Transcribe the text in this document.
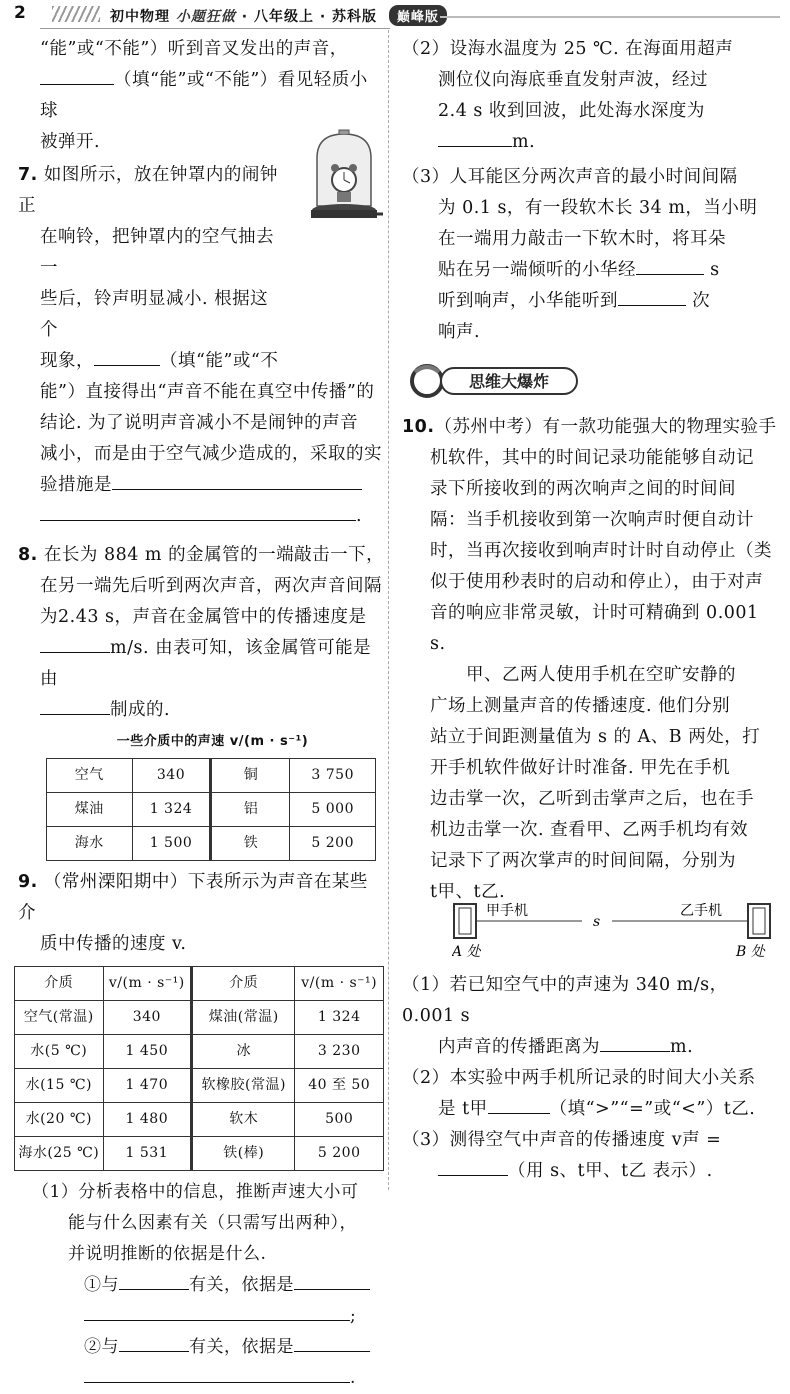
2	初中物理 小题狂做 · 八年级上 · 苏科版 巅峰版
“能”或“不能”）听到音叉发出的声音，
（填“能”或“不能”）看见轻质小球
被弹开.
7. 如图所示，放在钟罩内的闹钟正
在响铃，把钟罩内的空气抽去一
些后，铃声明显减小. 根据这个
现象，	（填“能”或“不
能”）直接得出“声音不能在真空中传播”的
结论. 为了说明声音减小不是闹钟的声音
减小，而是由于空气减少造成的，采取的实
验措施是
.
8. 在长为 884 m 的金属管的一端敲击一下，
在另一端先后听到两次声音，两次声音间隔
为2.43 s，声音在金属管中的传播速度是
m/s. 由表可知，该金属管可能是由
制成的.
一些介质中的声速 v/(m · s⁻¹)
空气	340	铜	3 750
煤油	1 324	铝	5 000
海水	1 500	铁	5 200
9. （常州溧阳期中）下表所示为声音在某些介
质中传播的速度 v.
介质	v/(m · s⁻¹)	介质	v/(m · s⁻¹)
空气(常温)	340	煤油(常温)	1 324
水(5 ℃)	1 450	冰	3 230
水(15 ℃)	1 470	软橡胶(常温)	40 至 50
水(20 ℃)	1 480	软木	500
海水(25 ℃)	1 531	铁(棒)	5 200
（1）分析表格中的信息，推断声速大小可
能与什么因素有关（只需写出两种），
并说明推断的依据是什么.
①与	有关，依据是
;
②与	有关，依据是
.
（2）设海水温度为 25 ℃. 在海面用超声
测位仪向海底垂直发射声波，经过
2.4 s 收到回波，此处海水深度为
m.
（3）人耳能区分两次声音的最小时间间隔
为 0.1 s，有一段软木长 34 m，当小明
在一端用力敲击一下软木时，将耳朵
贴在另一端倾听的小华经	s
听到响声，小华能听到	次
响声.
思维大爆炸
10.（苏州中考）有一款功能强大的物理实验手
机软件，其中的时间记录功能能够自动记
录下所接收到的两次响声之间的时间间
隔：当手机接收到第一次响声时便自动计
时，当再次接收到响声时计时自动停止（类
似于使用秒表时的启动和停止），由于对声
音的响应非常灵敏，计时可精确到 0.001 s.
甲、乙两人使用手机在空旷安静的
广场上测量声音的传播速度. 他们分别
站立于间距测量值为 s 的 A、B 两处，打
开手机软件做好计时准备. 甲先在手机
边击掌一次，乙听到击掌声之后，也在手
机边击掌一次. 查看甲、乙两手机均有效
记录下了两次掌声的时间间隔，分别为
t甲、t乙.
甲手机	乙手机
s
A 处	B 处
（1）若已知空气中的声速为 340 m/s，0.001 s
内声音的传播距离为	m.
（2）本实验中两手机所记录的时间大小关系
是 t甲	（填“>”“=”或“<”）t乙.
（3）测得空气中声音的传播速度 v声 =
（用 s、t甲、t乙 表示）.
